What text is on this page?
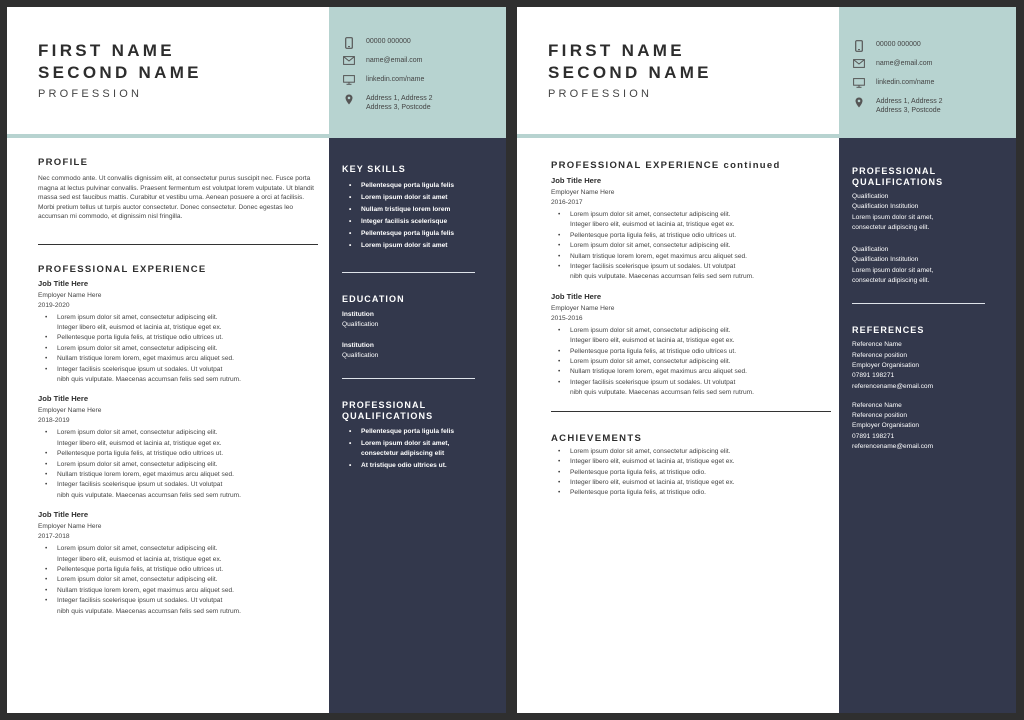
00000 000000
name@email.com
linkedin.com/name
Address 1, Address 2
Address 3, Postcode
FIRST NAME
SECOND NAME
PROFESSION
PROFILE
Nec commodo ante. Ut convallis dignissim elit, at consectetur purus suscipit nec. Fusce porta magna at lectus pulvinar convallis. Praesent fermentum est volutpat lorem vulputate. Ut blandit massa sed est faucibus mattis. Curabitur et vestibu urna. Aenean posuere a orci at facilisis. Morbi pretium tellus ut turpis auctor consectetur. Donec consectetur. Donec egestas leo accumsan mi commodo, et dignissim nisl fringilla.
PROFESSIONAL EXPERIENCE
Job Title Here
Employer Name Here
2019-2020
• Lorem ipsum dolor sit amet, consectetur adipiscing elit.
Integer libero elit, euismod et lacinia at, tristique eget ex.
• Pellentesque porta ligula felis, at tristique odio ultrices ut.
• Lorem ipsum dolor sit amet, consectetur adipiscing elit.
• Nullam tristique lorem lorem, eget maximus arcu aliquet sed.
• Integer facilisis scelerisque ipsum ut sodales. Ut volutpat
nibh quis vulputate. Maecenas accumsan felis sed sem rutrum.
Job Title Here
Employer Name Here
2018-2019
• Lorem ipsum dolor sit amet, consectetur adipiscing elit.
Integer libero elit, euismod et lacinia at, tristique eget ex.
• Pellentesque porta ligula felis, at tristique odio ultrices ut.
• Lorem ipsum dolor sit amet, consectetur adipiscing elit.
• Nullam tristique lorem lorem, eget maximus arcu aliquet sed.
• Integer facilisis scelerisque ipsum ut sodales. Ut volutpat
nibh quis vulputate. Maecenas accumsan felis sed sem rutrum.
Job Title Here
Employer Name Here
2017-2018
• Lorem ipsum dolor sit amet, consectetur adipiscing elit.
Integer libero elit, euismod et lacinia at, tristique eget ex.
• Pellentesque porta ligula felis, at tristique odio ultrices ut.
• Lorem ipsum dolor sit amet, consectetur adipiscing elit.
• Nullam tristique lorem lorem, eget maximus arcu aliquet sed.
• Integer facilisis scelerisque ipsum ut sodales. Ut volutpat
nibh quis vulputate. Maecenas accumsan felis sed sem rutrum.
KEY SKILLS
• Pellentesque porta ligula felis
• Lorem ipsum dolor sit amet
• Nullam tristique lorem lorem
• Integer facilisis scelerisque
• Pellentesque porta ligula felis
• Lorem ipsum dolor sit amet
EDUCATION
Institution
Qualification
Institution
Qualification
PROFESSIONAL QUALIFICATIONS
• Pellentesque porta ligula felis
• Lorem ipsum dolor sit amet, consectetur adipiscing elit
• At tristique odio ultrices ut.
00000 000000
name@email.com
linkedin.com/name
Address 1, Address 2
Address 3, Postcode
FIRST NAME
SECOND NAME
PROFESSION
PROFESSIONAL EXPERIENCE continued
Job Title Here
Employer Name Here
2016-2017
• Lorem ipsum dolor sit amet, consectetur adipiscing elit.
Integer libero elit, euismod et lacinia at, tristique eget ex.
• Pellentesque porta ligula felis, at tristique odio ultrices ut.
• Lorem ipsum dolor sit amet, consectetur adipiscing elit.
• Nullam tristique lorem lorem, eget maximus arcu aliquet sed.
• Integer facilisis scelerisque ipsum ut sodales. Ut volutpat
nibh quis vulputate. Maecenas accumsan felis sed sem rutrum.
Job Title Here
Employer Name Here
2015-2016
• Lorem ipsum dolor sit amet, consectetur adipiscing elit.
Integer libero elit, euismod et lacinia at, tristique eget ex.
• Pellentesque porta ligula felis, at tristique odio ultrices ut.
• Lorem ipsum dolor sit amet, consectetur adipiscing elit.
• Nullam tristique lorem lorem, eget maximus arcu aliquet sed.
• Integer facilisis scelerisque ipsum ut sodales. Ut volutpat
nibh quis vulputate. Maecenas accumsan felis sed sem rutrum.
ACHIEVEMENTS
• Lorem ipsum dolor sit amet, consectetur adipiscing elit.
• Integer libero elit, euismod et lacinia at, tristique eget ex.
• Pellentesque porta ligula felis, at tristique odio.
• Integer libero elit, euismod et lacinia at, tristique eget ex.
• Pellentesque porta ligula felis, at tristique odio.
PROFESSIONAL QUALIFICATIONS
Qualification
Qualification Institution
Lorem ipsum dolor sit amet,
consectetur adipiscing elit.
Qualification
Qualification Institution
Lorem ipsum dolor sit amet,
consectetur adipiscing elit.
REFERENCES
Reference Name
Reference position
Employer Organisation
07891 198271
referencename@email.com
Reference Name
Reference position
Employer Organisation
07891 198271
referencename@email.com
